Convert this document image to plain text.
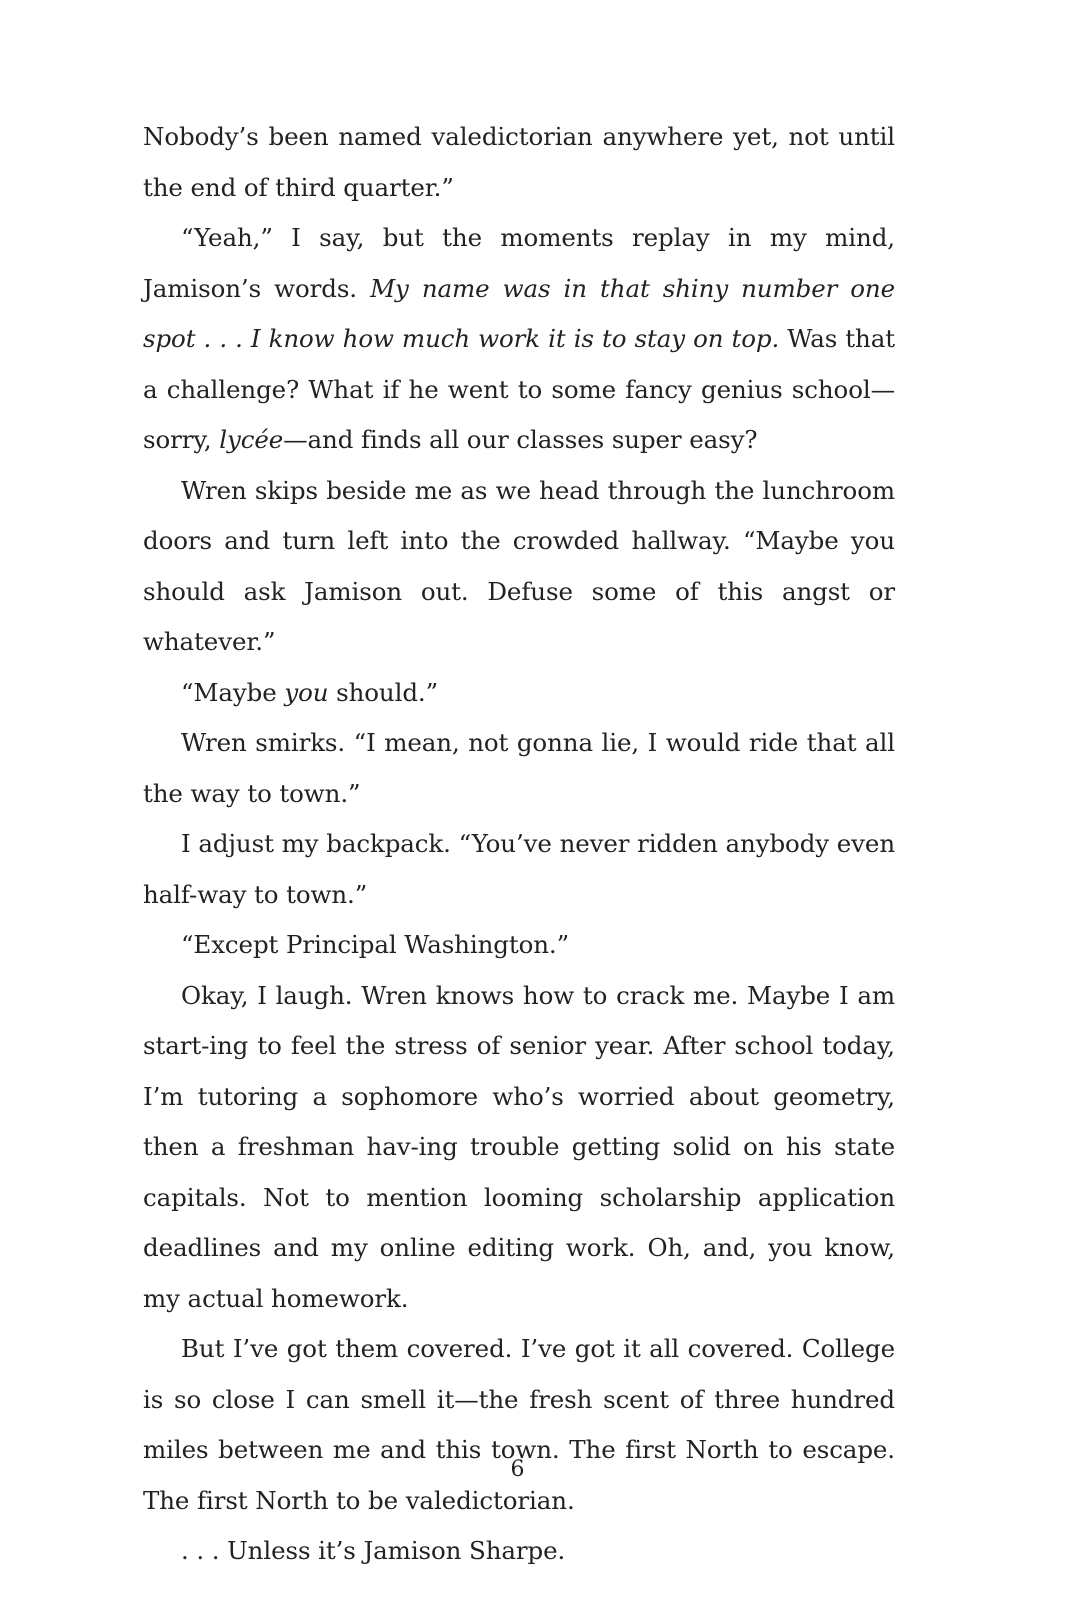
Nobody’s been named valedictorian anywhere yet, not until the end of third quarter.”

“Yeah,” I say, but the moments replay in my mind, Jamison’s words. My name was in that shiny number one spot . . . I know how much work it is to stay on top. Was that a challenge? What if he went to some fancy genius school—sorry, lycée—and finds all our classes super easy?

Wren skips beside me as we head through the lunchroom doors and turn left into the crowded hallway. “Maybe you should ask Jamison out. Defuse some of this angst or whatever.”

“Maybe you should.”

Wren smirks. “I mean, not gonna lie, I would ride that all the way to town.”

I adjust my backpack. “You’ve never ridden anybody even half-way to town.”

“Except Principal Washington.”

Okay, I laugh. Wren knows how to crack me. Maybe I am start-ing to feel the stress of senior year. After school today, I’m tutoring a sophomore who’s worried about geometry, then a freshman hav-ing trouble getting solid on his state capitals. Not to mention looming scholarship application deadlines and my online editing work. Oh, and, you know, my actual homework.

But I’ve got them covered. I’ve got it all covered. College is so close I can smell it—the fresh scent of three hundred miles between me and this town. The first North to escape. The first North to be valedictorian.

. . . Unless it’s Jamison Sharpe.

6
